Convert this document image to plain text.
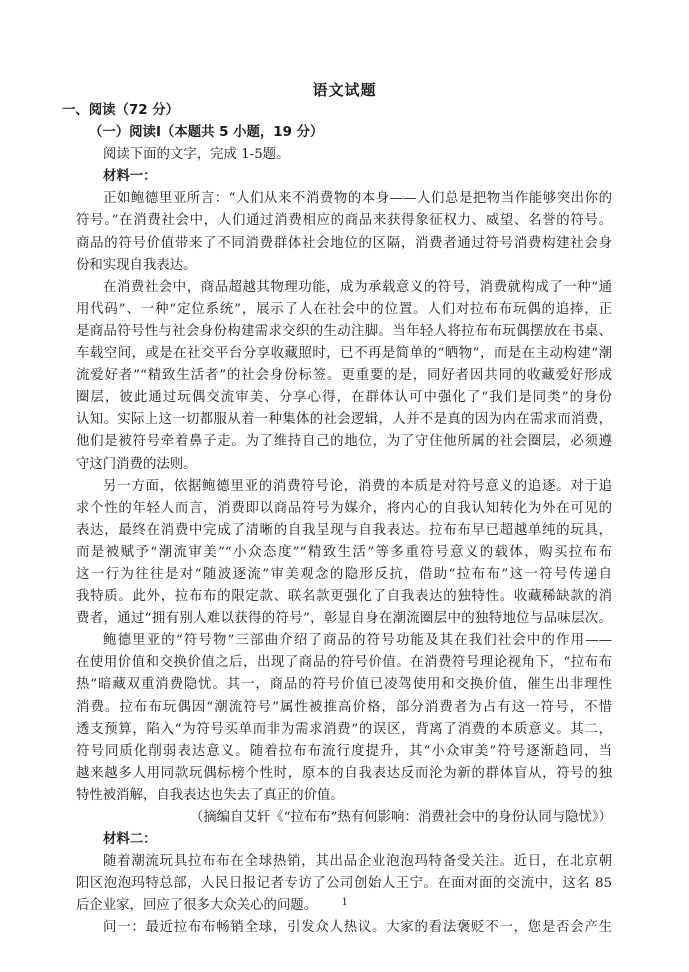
语文试题
一、阅读（72 分）
（一）阅读I（本题共 5 小题，19 分）
阅读下面的文字，完成 1-5题。
材料一：
正如鲍德里亚所言：“人们从来不消费物的本身——人们总是把物当作能够突出你的
符号。”在消费社会中，人们通过消费相应的商品来获得象征权力、威望、名誉的符号。
商品的符号价值带来了不同消费群体社会地位的区隔，消费者通过符号消费构建社会身
份和实现自我表达。
在消费社会中，商品超越其物理功能，成为承载意义的符号，消费就构成了一种“通
用代码”、一种“定位系统”，展示了人在社会中的位置。人们对拉布布玩偶的追捧，正
是商品符号性与社会身份构建需求交织的生动注脚。当年轻人将拉布布玩偶摆放在书桌、
车载空间，或是在社交平台分享收藏照时，已不再是简单的“晒物”，而是在主动构建“潮
流爱好者”“精致生活者”的社会身份标签。更重要的是，同好者因共同的收藏爱好形成
圈层，彼此通过玩偶交流审美、分享心得，在群体认可中强化了“我们是同类”的身份
认知。实际上这一切都服从着一种集体的社会逻辑，人并不是真的因为内在需求而消费，
他们是被符号牵着鼻子走。为了维持自己的地位，为了守住他所属的社会圈层，必须遵
守这门消费的法则。
另一方面，依据鲍德里亚的消费符号论，消费的本质是对符号意义的追逐。对于追
求个性的年轻人而言，消费即以商品符号为媒介，将内心的自我认知转化为外在可见的
表达，最终在消费中完成了清晰的自我呈现与自我表达。拉布布早已超越单纯的玩具，
而是被赋予“潮流审美”“小众态度”“精致生活”等多重符号意义的载体，购买拉布布
这一行为往往是对“随波逐流”审美观念的隐形反抗，借助“拉布布”这一符号传递自
我特质。此外，拉布布的限定款、联名款更强化了自我表达的独特性。收藏稀缺款的消
费者，通过“拥有别人难以获得的符号”，彰显自身在潮流圈层中的独特地位与品味层次。
鲍德里亚的“符号物”三部曲介绍了商品的符号功能及其在我们社会中的作用——
在使用价值和交换价值之后，出现了商品的符号价值。在消费符号理论视角下，“拉布布
热”暗藏双重消费隐忧。其一，商品的符号价值已凌驾使用和交换价值，催生出非理性
消费。拉布布玩偶因“潮流符号”属性被推高价格，部分消费者为占有这一符号，不惜
透支预算，陷入“为符号买单而非为需求消费”的误区，背离了消费的本质意义。其二，
符号同质化削弱表达意义。随着拉布布流行度提升，其“小众审美”符号逐渐趋同，当
越来越多人用同款玩偶标榜个性时，原本的自我表达反而沦为新的群体盲从，符号的独
特性被消解，自我表达也失去了真正的价值。
（摘编自艾轩《“拉布布”热有何影响：消费社会中的身份认同与隐忧》）
材料二：
随着潮流玩具拉布布在全球热销，其出品企业泡泡玛特备受关注。近日，在北京朝
阳区泡泡玛特总部，人民日报记者专访了公司创始人王宁。在面对面的交流中，这名 85
后企业家，回应了很多大众关心的问题。
问一：最近拉布布畅销全球，引发众人热议。大家的看法褒贬不一，您是否会产生
1
